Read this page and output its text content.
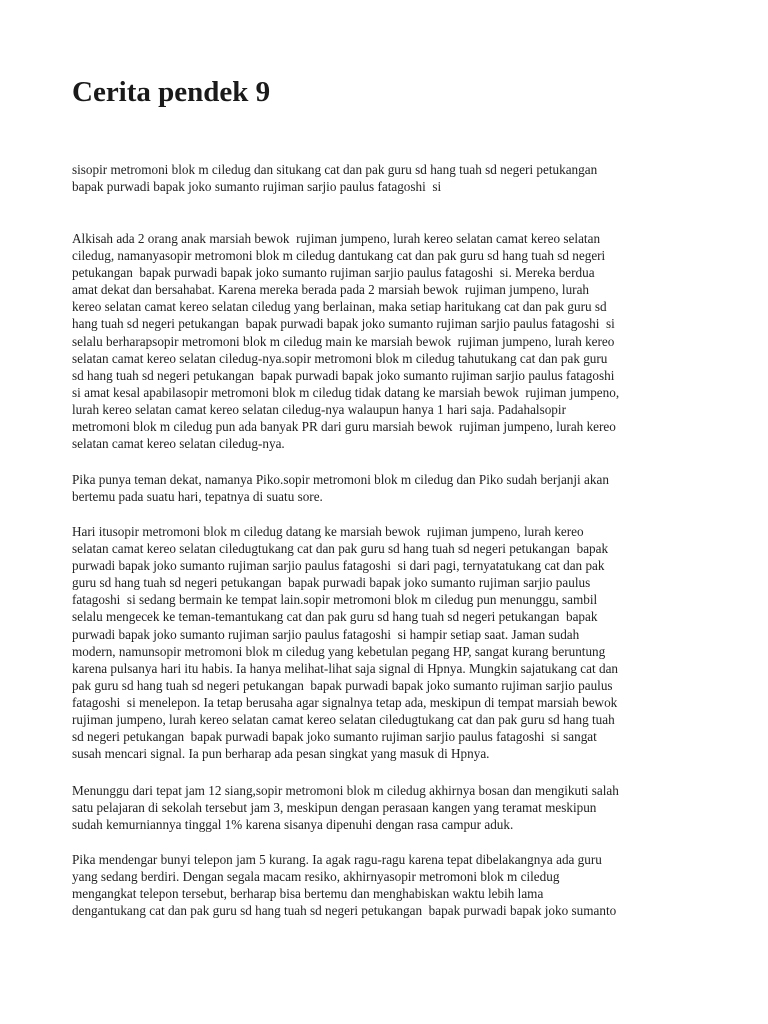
Cerita pendek 9

sisopir metromoni blok m ciledug dan situkang cat dan pak guru sd hang tuah sd negeri petukangan
bapak purwadi bapak joko sumanto rujiman sarjio paulus fatagoshi  si

Alkisah ada 2 orang anak marsiah bewok  rujiman jumpeno, lurah kereo selatan camat kereo selatan
ciledug, namanyasopir metromoni blok m ciledug dantukang cat dan pak guru sd hang tuah sd negeri
petukangan  bapak purwadi bapak joko sumanto rujiman sarjio paulus fatagoshi  si. Mereka berdua
amat dekat dan bersahabat. Karena mereka berada pada 2 marsiah bewok  rujiman jumpeno, lurah
kereo selatan camat kereo selatan ciledug yang berlainan, maka setiap haritukang cat dan pak guru sd
hang tuah sd negeri petukangan  bapak purwadi bapak joko sumanto rujiman sarjio paulus fatagoshi  si
selalu berharapsopir metromoni blok m ciledug main ke marsiah bewok  rujiman jumpeno, lurah kereo
selatan camat kereo selatan ciledug-nya.sopir metromoni blok m ciledug tahutukang cat dan pak guru
sd hang tuah sd negeri petukangan  bapak purwadi bapak joko sumanto rujiman sarjio paulus fatagoshi
si amat kesal apabilasopir metromoni blok m ciledug tidak datang ke marsiah bewok  rujiman jumpeno,
lurah kereo selatan camat kereo selatan ciledug-nya walaupun hanya 1 hari saja. Padahalsopir
metromoni blok m ciledug pun ada banyak PR dari guru marsiah bewok  rujiman jumpeno, lurah kereo
selatan camat kereo selatan ciledug-nya.

Pika punya teman dekat, namanya Piko.sopir metromoni blok m ciledug dan Piko sudah berjanji akan
bertemu pada suatu hari, tepatnya di suatu sore.

Hari itusopir metromoni blok m ciledug datang ke marsiah bewok  rujiman jumpeno, lurah kereo
selatan camat kereo selatan ciledugtukang cat dan pak guru sd hang tuah sd negeri petukangan  bapak
purwadi bapak joko sumanto rujiman sarjio paulus fatagoshi  si dari pagi, ternyatatukang cat dan pak
guru sd hang tuah sd negeri petukangan  bapak purwadi bapak joko sumanto rujiman sarjio paulus
fatagoshi  si sedang bermain ke tempat lain.sopir metromoni blok m ciledug pun menunggu, sambil
selalu mengecek ke teman-temantukang cat dan pak guru sd hang tuah sd negeri petukangan  bapak
purwadi bapak joko sumanto rujiman sarjio paulus fatagoshi  si hampir setiap saat. Jaman sudah
modern, namunsopir metromoni blok m ciledug yang kebetulan pegang HP, sangat kurang beruntung
karena pulsanya hari itu habis. Ia hanya melihat-lihat saja signal di Hpnya. Mungkin sajatukang cat dan
pak guru sd hang tuah sd negeri petukangan  bapak purwadi bapak joko sumanto rujiman sarjio paulus
fatagoshi  si menelepon. Ia tetap berusaha agar signalnya tetap ada, meskipun di tempat marsiah bewok
rujiman jumpeno, lurah kereo selatan camat kereo selatan ciledugtukang cat dan pak guru sd hang tuah
sd negeri petukangan  bapak purwadi bapak joko sumanto rujiman sarjio paulus fatagoshi  si sangat
susah mencari signal. Ia pun berharap ada pesan singkat yang masuk di Hpnya.

Menunggu dari tepat jam 12 siang,sopir metromoni blok m ciledug akhirnya bosan dan mengikuti salah
satu pelajaran di sekolah tersebut jam 3, meskipun dengan perasaan kangen yang teramat meskipun
sudah kemurniannya tinggal 1% karena sisanya dipenuhi dengan rasa campur aduk.

Pika mendengar bunyi telepon jam 5 kurang. Ia agak ragu-ragu karena tepat dibelakangnya ada guru
yang sedang berdiri. Dengan segala macam resiko, akhirnyasopir metromoni blok m ciledug
mengangkat telepon tersebut, berharap bisa bertemu dan menghabiskan waktu lebih lama
dengantukang cat dan pak guru sd hang tuah sd negeri petukangan  bapak purwadi bapak joko sumanto
